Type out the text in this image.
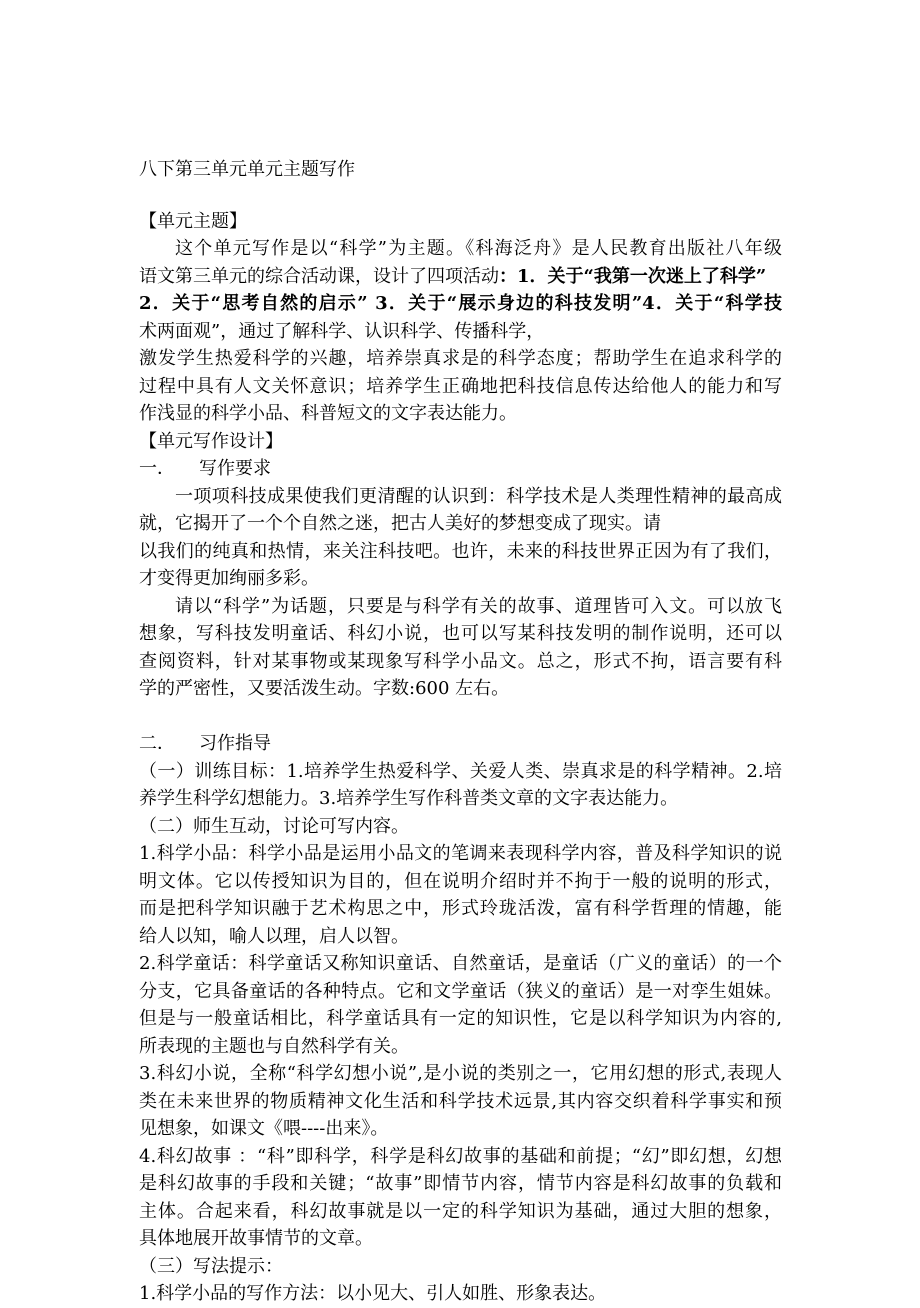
八下第三单元单元主题写作
【单元主题】
这个单元写作是以“科学”为主题。《科海泛舟》是人民教育出版社八年级
语文第三单元的综合活动课，设计了四项活动：1．关于“我第一次迷上了科学”
2．关于“思考自然的启示” 3．关于“展示身边的科技发明”4．关于“科学技
术两面观”，通过了解科学、认识科学、传播科学，
激发学生热爱科学的兴趣，培养崇真求是的科学态度；帮助学生在追求科学的
过程中具有人文关怀意识；培养学生正确地把科技信息传达给他人的能力和写
作浅显的科学小品、科普短文的文字表达能力。
【单元写作设计】
一． 写作要求
一项项科技成果使我们更清醒的认识到：科学技术是人类理性精神的最高成
就，它揭开了一个个自然之迷，把古人美好的梦想变成了现实。请
以我们的纯真和热情，来关注科技吧。也许，未来的科技世界正因为有了我们，
才变得更加绚丽多彩。
请以“科学”为话题，只要是与科学有关的故事、道理皆可入文。可以放飞
想象，写科技发明童话、科幻小说，也可以写某科技发明的制作说明，还可以
查阅资料，针对某事物或某现象写科学小品文。总之，形式不拘，语言要有科
学的严密性，又要活泼生动。字数:600 左右。
二． 习作指导
（一）训练目标：1.培养学生热爱科学、关爱人类、崇真求是的科学精神。2.培
养学生科学幻想能力。3.培养学生写作科普类文章的文字表达能力。
（二）师生互动，讨论可写内容。
1.科学小品：科学小品是运用小品文的笔调来表现科学内容，普及科学知识的说
明文体。它以传授知识为目的，但在说明介绍时并不拘于一般的说明的形式，
而是把科学知识融于艺术构思之中，形式玲珑活泼，富有科学哲理的情趣，能
给人以知，喻人以理，启人以智。
2.科学童话：科学童话又称知识童话、自然童话，是童话（广义的童话）的一个
分支，它具备童话的各种特点。它和文学童话（狭义的童话）是一对孪生姐妹。
但是与一般童话相比，科学童话具有一定的知识性，它是以科学知识为内容的,
所表现的主题也与自然科学有关。
3.科幻小说，全称“科学幻想小说”,是小说的类别之一，它用幻想的形式,表现人
类在未来世界的物质精神文化生活和科学技术远景,其内容交织着科学事实和预
见想象，如课文《喂----出来》。
4.科幻故事 ：“科”即科学，科学是科幻故事的基础和前提；“幻”即幻想，幻想
是科幻故事的手段和关键；“故事”即情节内容，情节内容是科幻故事的负载和
主体。合起来看，科幻故事就是以一定的科学知识为基础，通过大胆的想象，
具体地展开故事情节的文章。
（三）写法提示：
1.科学小品的写作方法：以小见大、引人如胜、形象表达。
